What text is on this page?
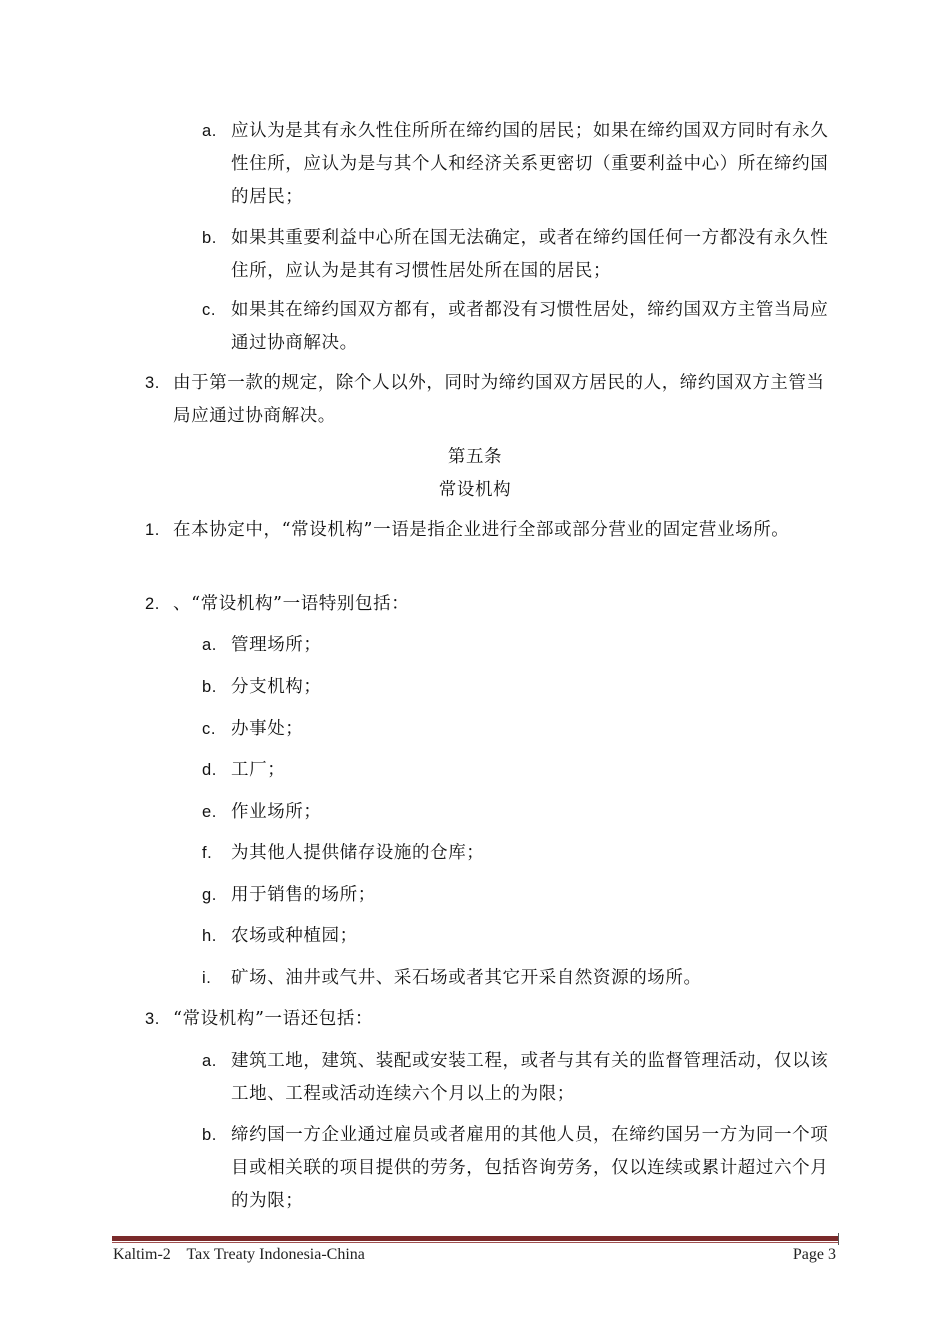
a. 应认为是其有永久性住所所在缔约国的居民；如果在缔约国双方同时有永久性住所，应认为是与其个人和经济关系更密切（重要利益中心）所在缔约国的居民；
b. 如果其重要利益中心所在国无法确定，或者在缔约国任何一方都没有永久性住所，应认为是其有习惯性居处所在国的居民；
c. 如果其在缔约国双方都有，或者都没有习惯性居处，缔约国双方主管当局应通过协商解决。
3. 由于第一款的规定，除个人以外，同时为缔约国双方居民的人，缔约国双方主管当局应通过协商解决。
第五条
常设机构
1. 在本协定中，“常设机构”一语是指企业进行全部或部分营业的固定营业场所。
2. 、“常设机构”一语特别包括：
a. 管理场所；
b. 分支机构；
c. 办事处；
d. 工厂；
e. 作业场所；
f. 为其他人提供储存设施的仓库；
g. 用于销售的场所；
h. 农场或种植园；
i. 矿场、油井或气井、采石场或者其它开采自然资源的场所。
3. “常设机构”一语还包括：
a. 建筑工地，建筑、装配或安装工程，或者与其有关的监督管理活动，仅以该工地、工程或活动连续六个月以上的为限；
b. 缔约国一方企业通过雇员或者雇用的其他人员，在缔约国另一方为同一个项目或相关联的项目提供的劳务，包括咨询劳务，仅以连续或累计超过六个月的为限；
Kaltim-2    Tax Treaty Indonesia-China	Page 3
